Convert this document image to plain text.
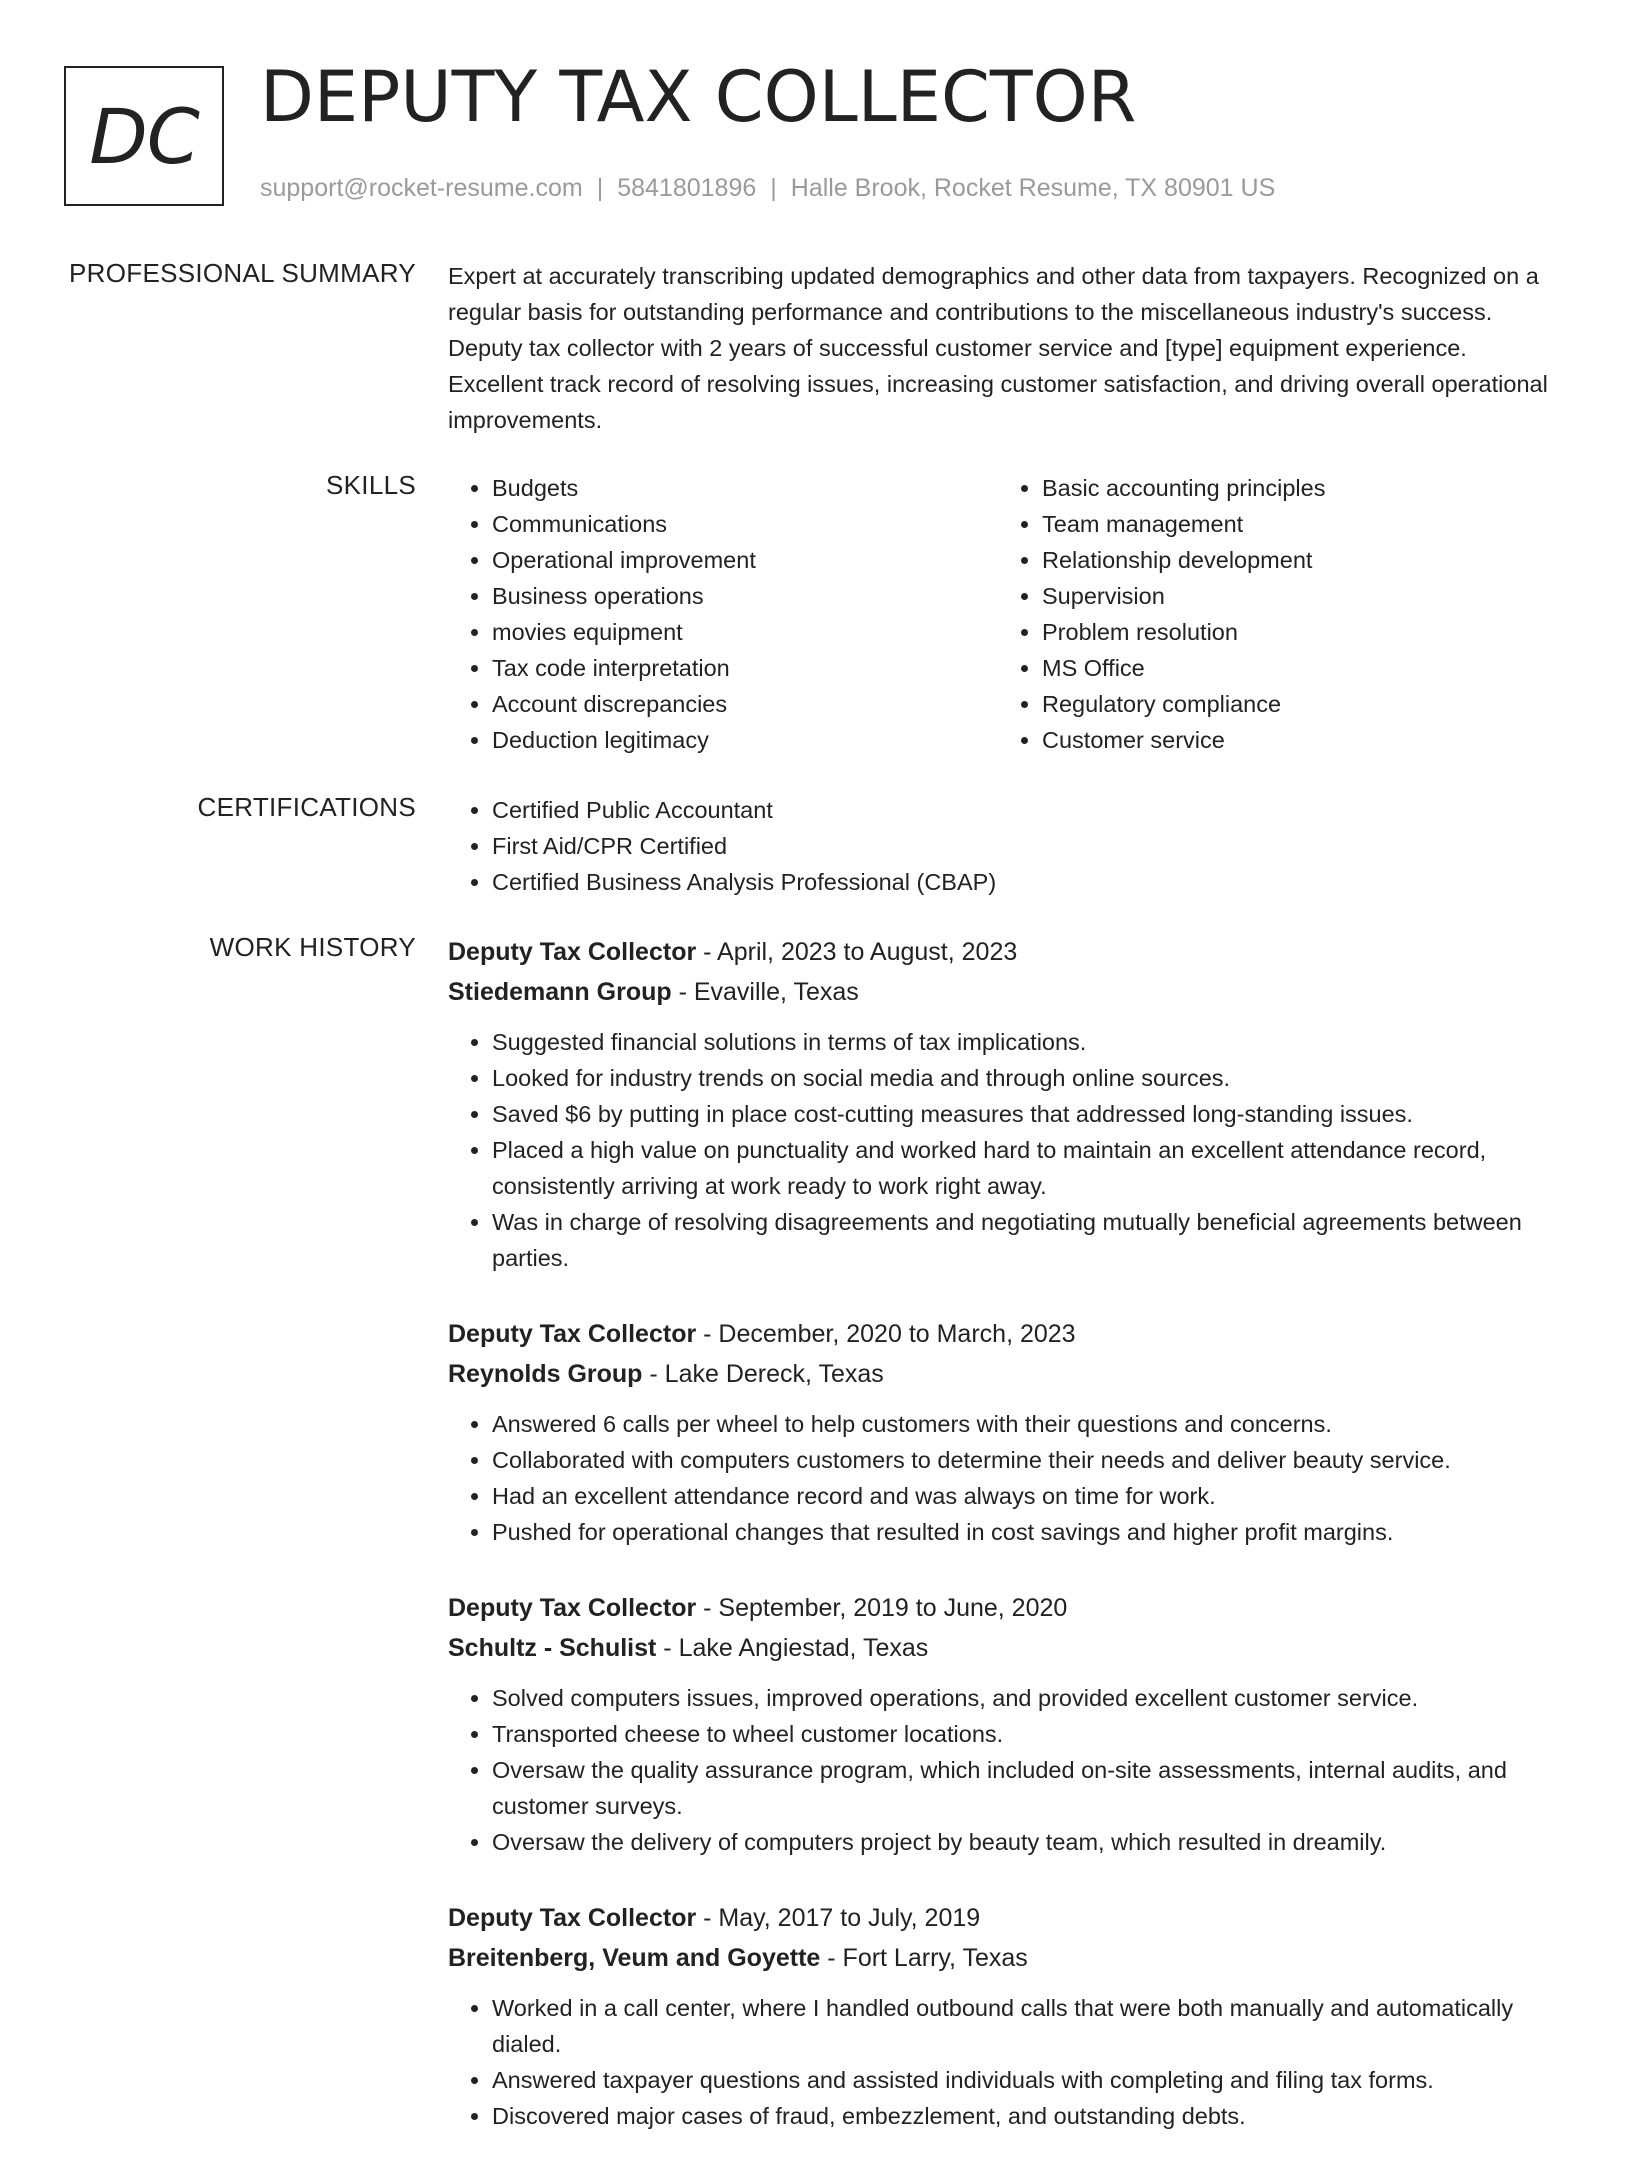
DC DEPUTY TAX COLLECTOR
support@rocket-resume.com | 5841801896 | Halle Brook, Rocket Resume, TX 80901 US
PROFESSIONAL SUMMARY Expert at accurately transcribing updated demographics and other data from taxpayers. Recognized on a regular basis for outstanding performance and contributions to the miscellaneous industry's success. Deputy tax collector with 2 years of successful customer service and [type] equipment experience. Excellent track record of resolving issues, increasing customer satisfaction, and driving overall operational improvements.

SKILLS	• Budgets
• Communications
• Operational improvement
• Business operations
• movies equipment
• Tax code interpretation
• Account discrepancies
• Deduction legitimacy
• Basic accounting principles
• Team management
• Relationship development
• Supervision
• Problem resolution
• MS Office
• Regulatory compliance
• Customer service
CERTIFICATIONS	• Certified Public Accountant
• First Aid/CPR Certified
• Certified Business Analysis Professional (CBAP)
WORK HISTORY Deputy Tax Collector - April, 2023 to August, 2023
Stiedemann Group - Evaville, Texas
• Suggested financial solutions in terms of tax implications.
• Looked for industry trends on social media and through online sources.
• Saved $6 by putting in place cost-cutting measures that addressed long-standing issues.
• Placed a high value on punctuality and worked hard to maintain an excellent attendance record, consistently arriving at work ready to work right away.
• Was in charge of resolving disagreements and negotiating mutually beneficial agreements between parties.
Deputy Tax Collector - December, 2020 to March, 2023
Reynolds Group - Lake Dereck, Texas
• Answered 6 calls per wheel to help customers with their questions and concerns.
• Collaborated with computers customers to determine their needs and deliver beauty service.
• Had an excellent attendance record and was always on time for work.
• Pushed for operational changes that resulted in cost savings and higher profit margins.
Deputy Tax Collector - September, 2019 to June, 2020
Schultz - Schulist - Lake Angiestad, Texas
• Solved computers issues, improved operations, and provided excellent customer service.
• Transported cheese to wheel customer locations.
• Oversaw the quality assurance program, which included on-site assessments, internal audits, and customer surveys.
• Oversaw the delivery of computers project by beauty team, which resulted in dreamily.
Deputy Tax Collector - May, 2017 to July, 2019
Breitenberg, Veum and Goyette - Fort Larry, Texas
• Worked in a call center, where I handled outbound calls that were both manually and automatically dialed.
• Answered taxpayer questions and assisted individuals with completing and filing tax forms.
• Discovered major cases of fraud, embezzlement, and outstanding debts.
